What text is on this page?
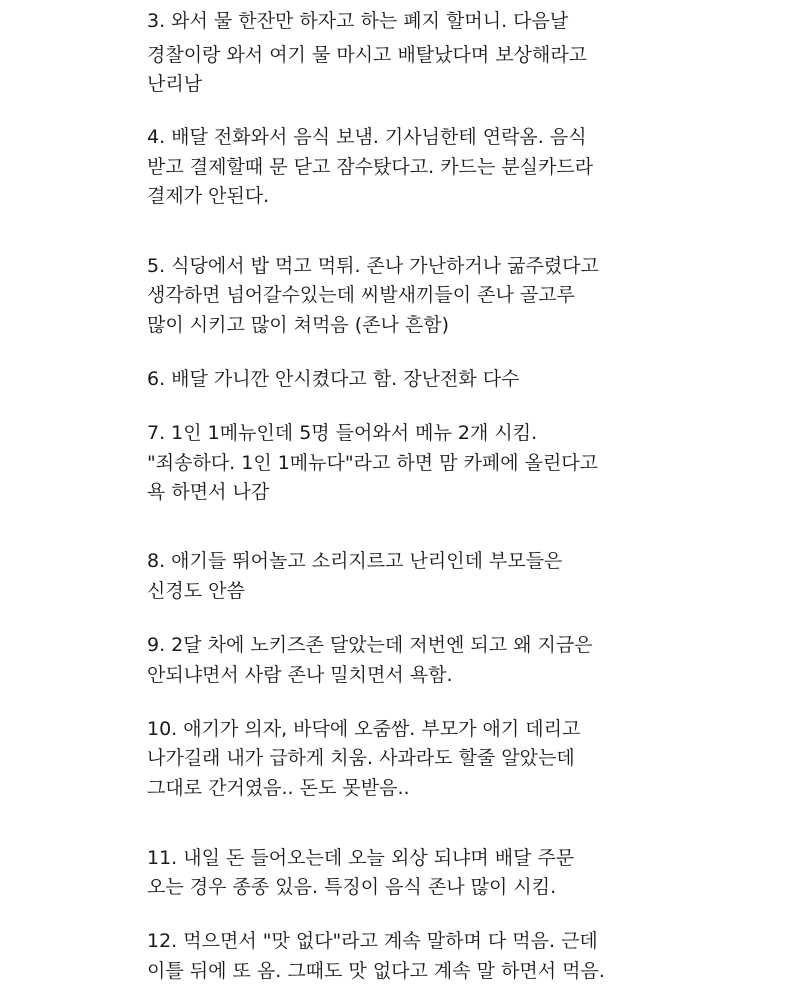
3. 와서 물 한잔만 하자고 하는 폐지 할머니. 다음날
경찰이랑 와서 여기 물 마시고 배탈났다며 보상해라고
난리남
4. 배달 전화와서 음식 보냄. 기사님한테 연락옴. 음식
받고 결제할때 문 닫고 잠수탔다고. 카드는 분실카드라
결제가 안된다.
5. 식당에서 밥 먹고 먹튀. 존나 가난하거나 굶주렸다고
생각하면 넘어갈수있는데 씨발새끼들이 존나 골고루
많이 시키고 많이 쳐먹음 (존나 흔함)
6. 배달 가니깐 안시켰다고 함. 장난전화 다수
7. 1인 1메뉴인데 5명 들어와서 메뉴 2개 시킴.
"죄송하다. 1인 1메뉴다"라고 하면 맘 카페에 올린다고
욕 하면서 나감
8. 애기들 뛰어놀고 소리지르고 난리인데 부모들은
신경도 안씀
9. 2달 차에 노키즈존 달았는데 저번엔 되고 왜 지금은
안되냐면서 사람 존나 밀치면서 욕함.
10. 애기가 의자, 바닥에 오줌쌈. 부모가 애기 데리고
나가길래 내가 급하게 치움. 사과라도 할줄 알았는데
그대로 간거였음.. 돈도 못받음..
11. 내일 돈 들어오는데 오늘 외상 되냐며 배달 주문
오는 경우 종종 있음. 특징이 음식 존나 많이 시킴.
12. 먹으면서 "맛 없다"라고 계속 말하며 다 먹음. 근데
이틀 뒤에 또 옴. 그때도 맛 없다고 계속 말 하면서 먹음.
